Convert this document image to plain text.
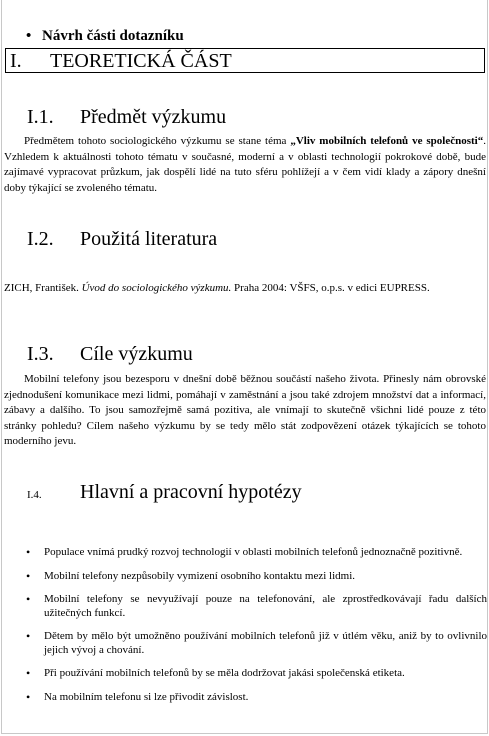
• Návrh části dotazníku
I. TEORETICKÁ ČÁST
I.1. Předmět výzkumu
Předmětem tohoto sociologického výzkumu se stane téma „Vliv mobilních telefonů ve společnosti“. Vzhledem k aktuálnosti tohoto tématu v současné, moderní a v oblasti technologií pokrokové době, bude zajímavé vypracovat průzkum, jak dospělí lidé na tuto sféru pohlížejí a v čem vidí klady a zápory dnešní doby týkající se zvoleného tématu.
I.2. Použitá literatura
ZICH, František. Úvod do sociologického výzkumu. Praha 2004: VŠFS, o.p.s. v edici EUPRESS.
I.3. Cíle výzkumu
Mobilní telefony jsou bezesporu v dnešní době běžnou součástí našeho života. Přinesly nám obrovské zjednodušení komunikace mezi lidmi, pomáhají v zaměstnání a jsou také zdrojem množství dat a informací, zábavy a dalšího. To jsou samozřejmě samá pozitiva, ale vnímají to skutečně všichni lidé pouze z této stránky pohledu? Cílem našeho výzkumu by se tedy mělo stát zodpovězení otázek týkajících se tohoto moderního jevu.
I.4. Hlavní a pracovní hypotézy
• Populace vnímá prudký rozvoj technologií v oblasti mobilních telefonů jednoznačně pozitivně.
• Mobilní telefony nezpůsobily vymizení osobního kontaktu mezi lidmi.
• Mobilní telefony se nevyužívají pouze na telefonování, ale zprostředkovávají řadu dalších užitečných funkcí.
• Dětem by mělo být umožněno používání mobilních telefonů již v útlém věku, aniž by to ovlivnilo jejich vývoj a chování.
• Při používání mobilních telefonů by se měla dodržovat jakási společenská etiketa.
• Na mobilním telefonu si lze přivodit závislost.
